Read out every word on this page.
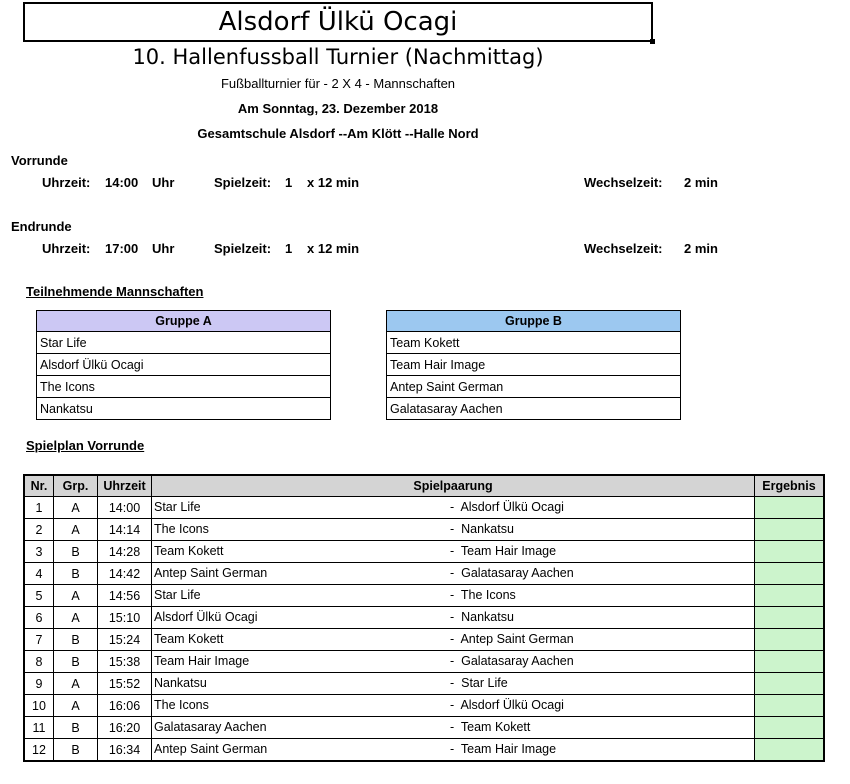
Alsdorf Ülkü Ocagi
10. Hallenfussball Turnier (Nachmittag)
Fußballturnier für - 2 X 4 - Mannschaften
Am Sonntag, 23. Dezember 2018
Gesamtschule Alsdorf --Am Klött --Halle Nord
Vorrunde
Uhrzeit: 14:00 Uhr	Spielzeit: 1 x 12 min	Wechselzeit: 2 min
Endrunde
Uhrzeit: 17:00 Uhr	Spielzeit: 1 x 12 min	Wechselzeit: 2 min
Teilnehmende Mannschaften
Gruppe A
Star Life
Alsdorf Ülkü Ocagi
The Icons
Nankatsu
Gruppe B
Team Kokett
Team Hair Image
Antep Saint German
Galatasaray Aachen
Spielplan Vorrunde
Nr.	Grp.	Uhrzeit	Spielpaarung	Ergebnis
1	A	14:00	Star Life - Alsdorf Ülkü Ocagi	

2	A	14:14	The Icons - Nankatsu	

3	B	14:28	Team Kokett - Team Hair Image	

4	B	14:42	Antep Saint German - Galatasaray Aachen	

5	A	14:56	Star Life - The Icons	

6	A	15:10	Alsdorf Ülkü Ocagi - Nankatsu	

7	B	15:24	Team Kokett - Antep Saint German	

8	B	15:38	Team Hair Image - Galatasaray Aachen	

9	A	15:52	Nankatsu - Star Life	

10	A	16:06	The Icons - Alsdorf Ülkü Ocagi	

11	B	16:20	Galatasaray Aachen - Team Kokett	

12	B	16:34	Antep Saint German - Team Hair Image	
